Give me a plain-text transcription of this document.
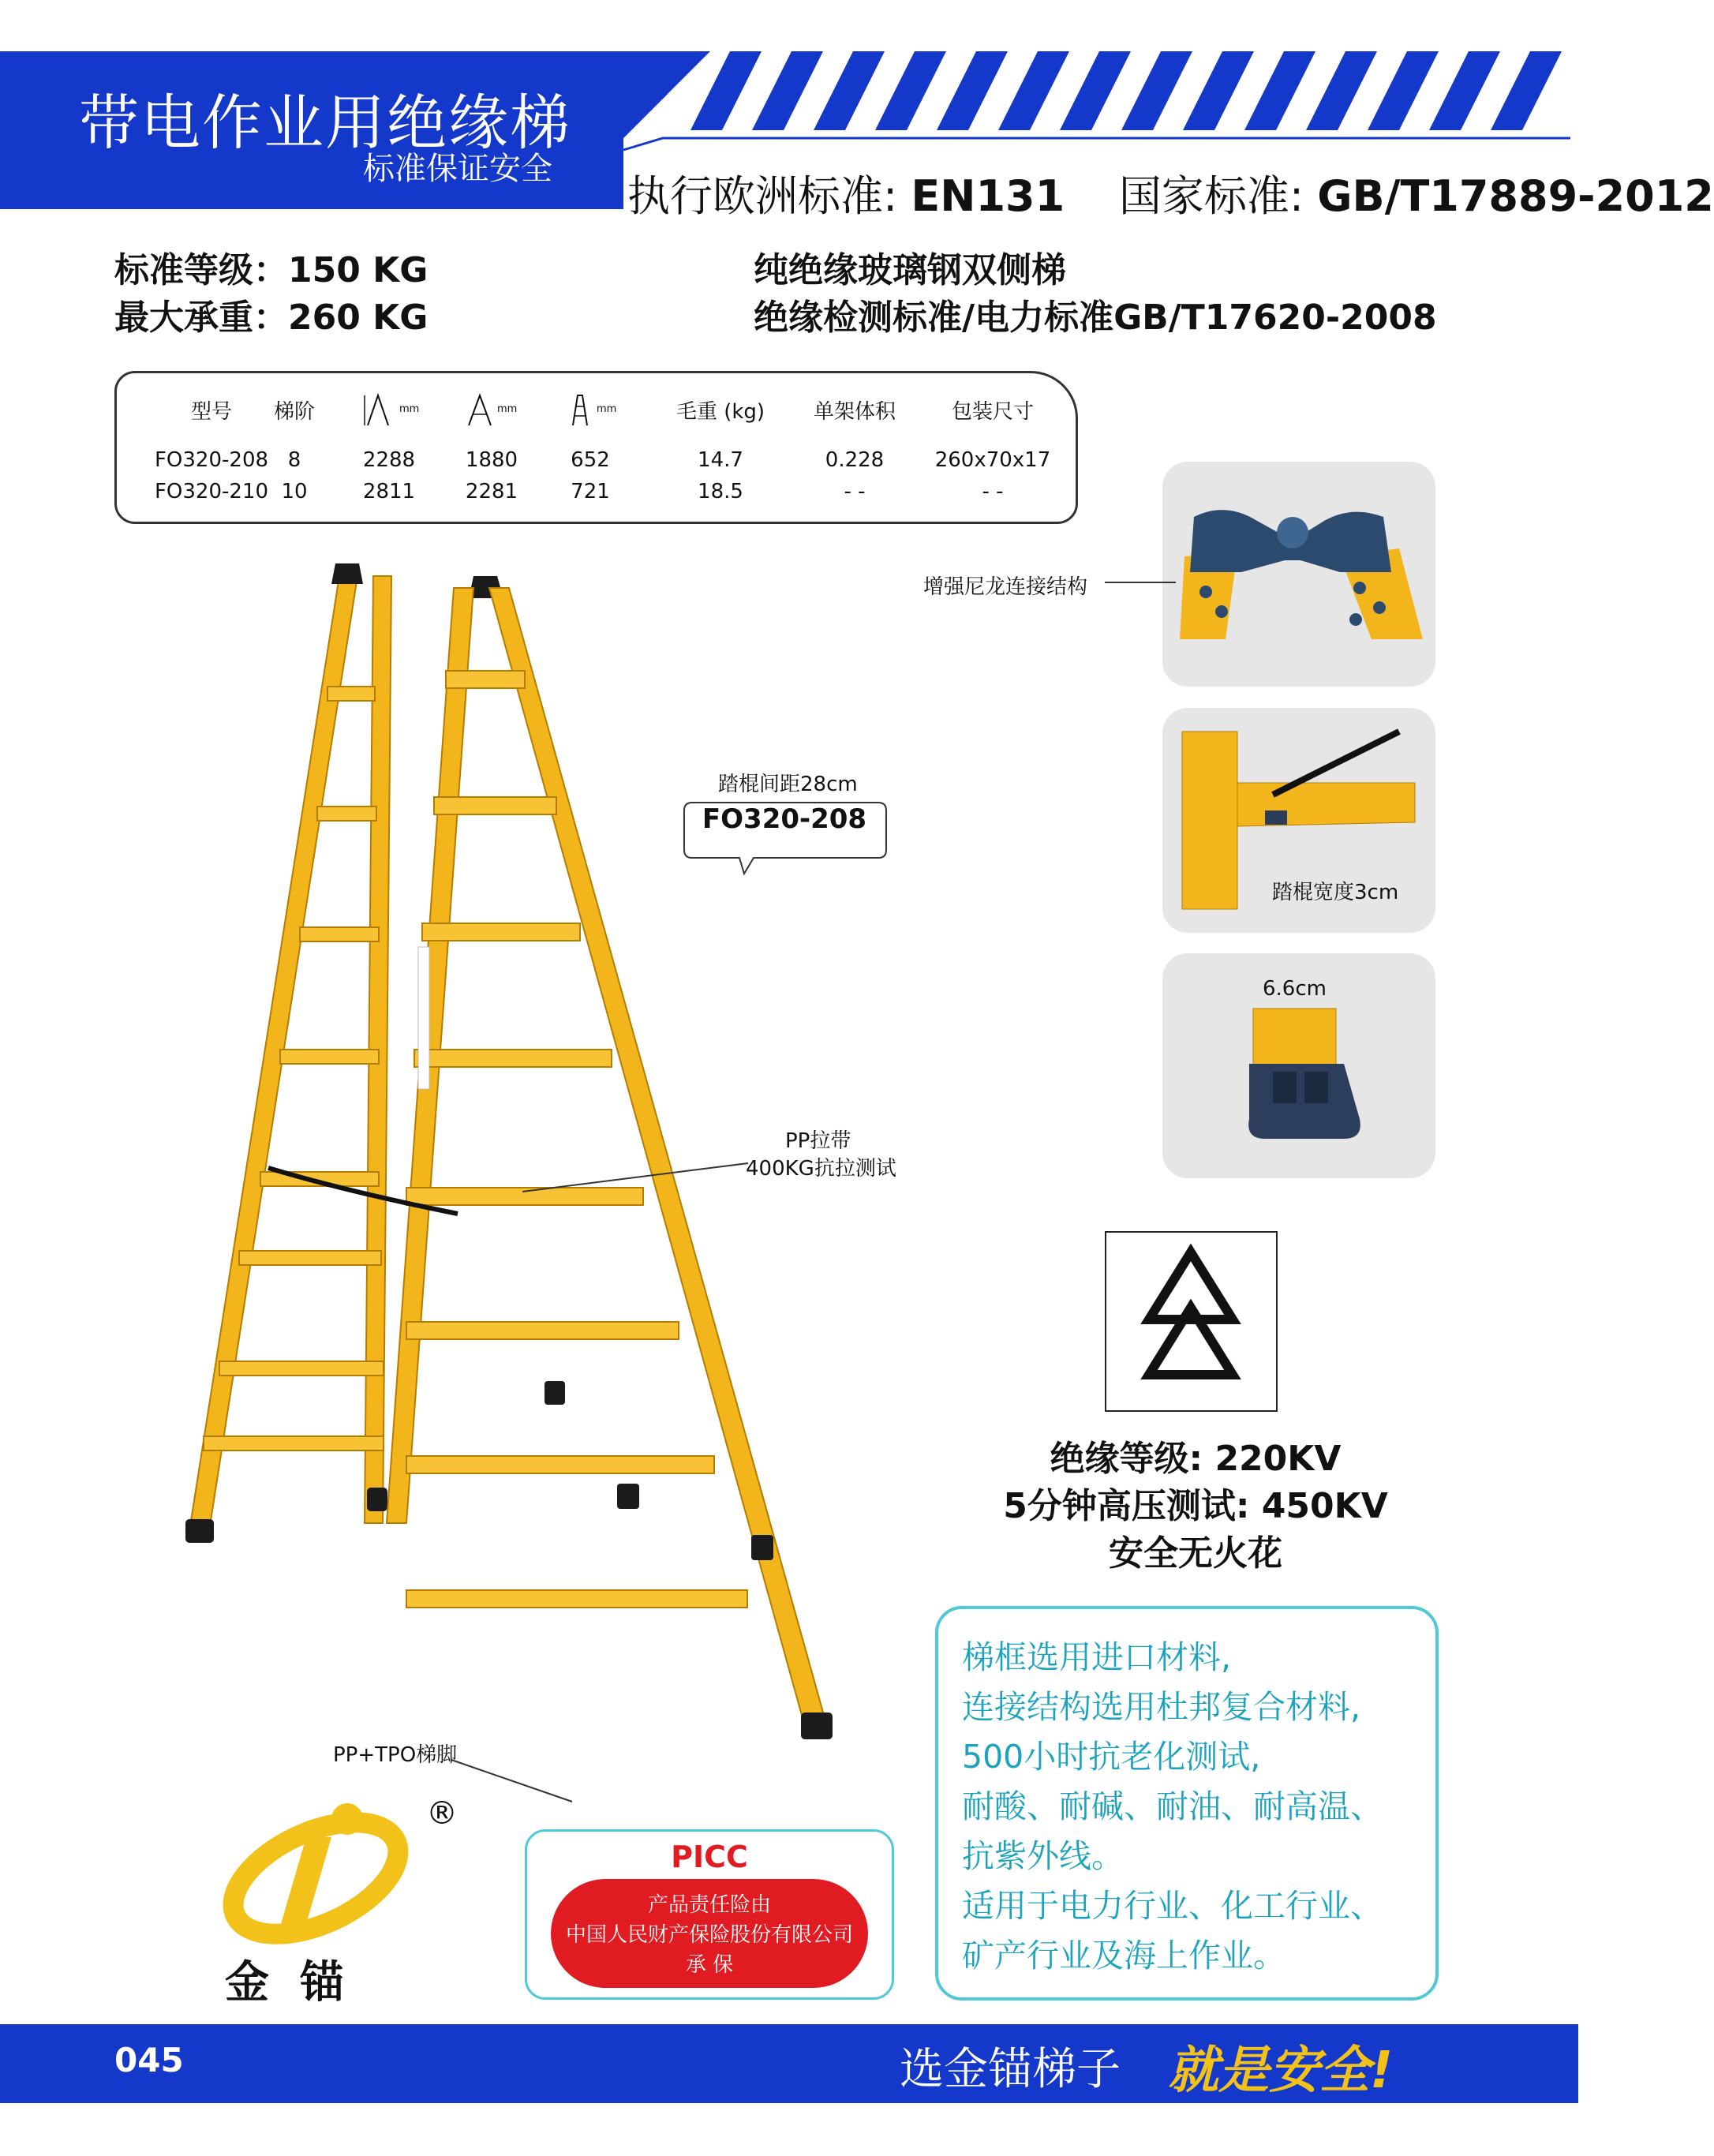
带电作业用绝缘梯
标准保证安全
执行欧洲标准: EN131 国家标准: GB/T17889-2012
标准等级：150 KG
最大承重：260 KG
纯绝缘玻璃钢双侧梯
绝缘检测标准/电力标准GB/T17620-2008
型号	梯阶	mm	mm	mm	毛重 (kg)	单架体积	包装尺寸
FO320-208 8	2288	1880	652	14.7	0.228	260x70x17
FO320-210 10	2811	2281	721	18.5	- -	- -
FO320-208
踏棍间距28cm
PP拉带
400KG抗拉测试
PP+TPO梯脚
增强尼龙连接结构
踏棍宽度3cm
6.6cm
绝缘等级: 220KV
5分钟高压测试: 450KV
安全无火花
梯框选用进口材料,
连接结构选用杜邦复合材料,
500小时抗老化测试,
耐酸、耐碱、耐油、耐高温、
抗紫外线。
适用于电力行业、化工行业、
矿产行业及海上作业。
®
金  锚
PICC
产品责任险由
中国人民财产保险股份有限公司
承 保
045	选金锚梯子 就是安全!
